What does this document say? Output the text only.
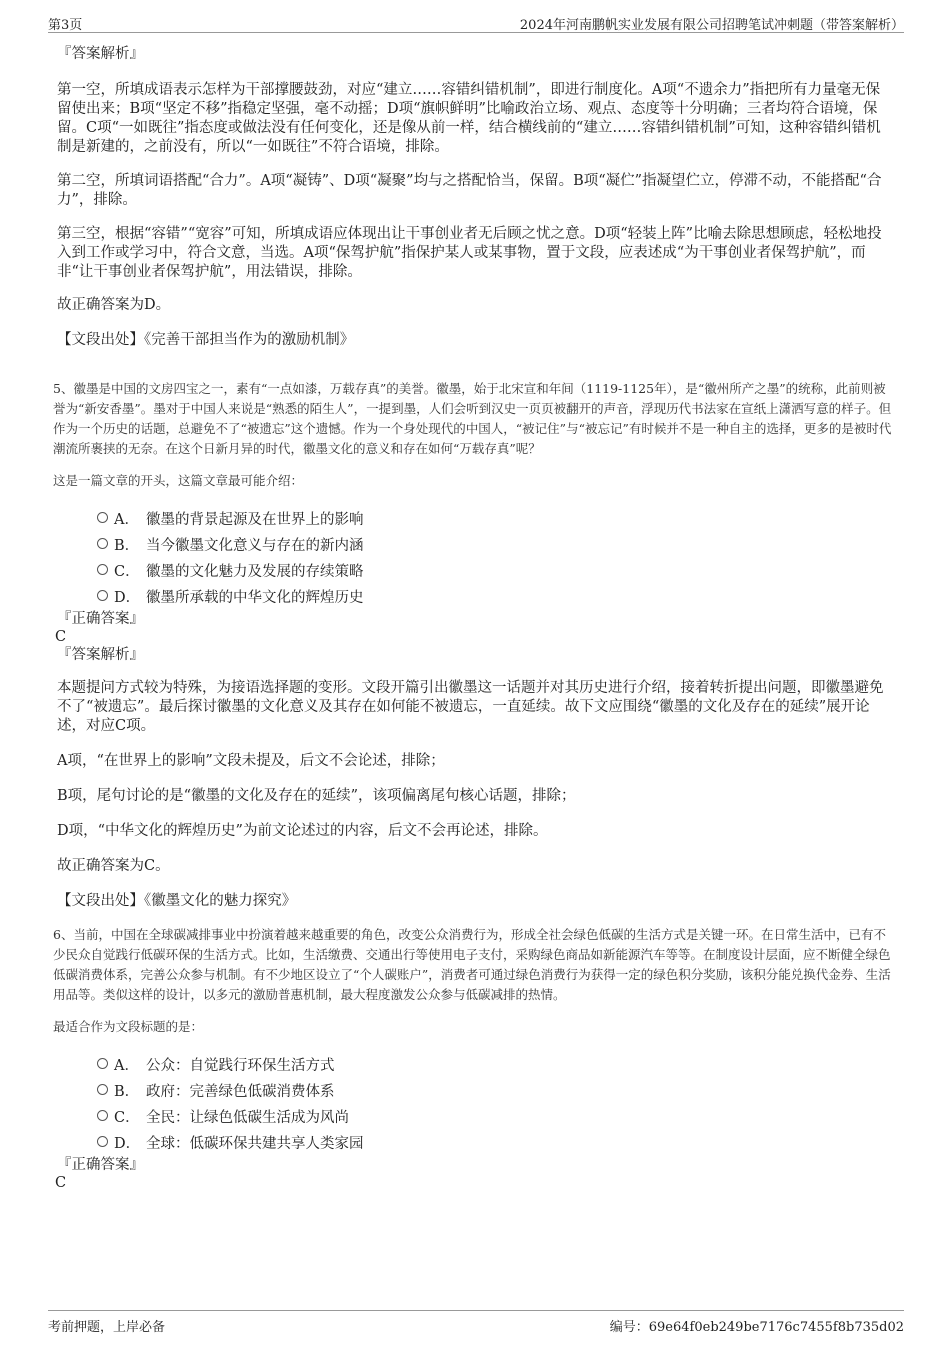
第3页	2024年河南鹏帆实业发展有限公司招聘笔试冲刺题（带答案解析）

『答案解析』

第一空，所填成语表示怎样为干部撑腰鼓劲，对应“建立……容错纠错机制”，即进行制度化。A项“不遗余力”指把所有力量毫无保留使出来；B项“坚定不移”指稳定坚强，毫不动摇；D项“旗帜鲜明”比喻政治立场、观点、态度等十分明确；三者均符合语境，保留。C项“一如既往”指态度或做法没有任何变化，还是像从前一样，结合横线前的“建立……容错纠错机制”可知，这种容错纠错机制是新建的，之前没有，所以“一如既往”不符合语境，排除。

第二空，所填词语搭配“合力”。A项“凝铸”、D项“凝聚”均与之搭配恰当，保留。B项“凝伫”指凝望伫立，停滞不动，不能搭配“合力”，排除。

第三空，根据“容错”“宽容”可知，所填成语应体现出让干事创业者无后顾之忧之意。D项“轻装上阵”比喻去除思想顾虑，轻松地投入到工作或学习中，符合文意，当选。A项“保驾护航”指保护某人或某事物，置于文段，应表述成“为干事创业者保驾护航”，而非“让干事创业者保驾护航”，用法错误，排除。

故正确答案为D。

【文段出处】《完善干部担当作为的激励机制》

5、徽墨是中国的文房四宝之一，素有“一点如漆，万载存真”的美誉。徽墨，始于北宋宣和年间（1119-1125年），是“徽州所产之墨”的统称，此前则被誉为“新安香墨”。墨对于中国人来说是“熟悉的陌生人”，一提到墨，人们会听到汉史一页页被翻开的声音，浮现历代书法家在宣纸上潇洒写意的样子。但作为一个历史的话题，总避免不了“被遗忘”这个遗憾。作为一个身处现代的中国人，“被记住”与“被忘记”有时候并不是一种自主的选择，更多的是被时代潮流所裹挟的无奈。在这个日新月异的时代，徽墨文化的意义和存在如何“万载存真”呢？

这是一篇文章的开头，这篇文章最可能介绍：

A． 徽墨的背景起源及在世界上的影响
B． 当今徽墨文化意义与存在的新内涵
C． 徽墨的文化魅力及发展的存续策略
D． 徽墨所承载的中华文化的辉煌历史

『正确答案』

C

『答案解析』

本题提问方式较为特殊，为接语选择题的变形。文段开篇引出徽墨这一话题并对其历史进行介绍，接着转折提出问题，即徽墨避免不了“被遗忘”。最后探讨徽墨的文化意义及其存在如何能不被遗忘，一直延续。故下文应围绕“徽墨的文化及存在的延续”展开论述，对应C项。

A项，“在世界上的影响”文段未提及，后文不会论述，排除；

B项，尾句讨论的是“徽墨的文化及存在的延续”，该项偏离尾句核心话题，排除；

D项，“中华文化的辉煌历史”为前文论述过的内容，后文不会再论述，排除。

故正确答案为C。

【文段出处】《徽墨文化的魅力探究》

6、当前，中国在全球碳减排事业中扮演着越来越重要的角色，改变公众消费行为，形成全社会绿色低碳的生活方式是关键一环。在日常生活中，已有不少民众自觉践行低碳环保的生活方式。比如，生活缴费、交通出行等使用电子支付，采购绿色商品如新能源汽车等等。在制度设计层面，应不断健全绿色低碳消费体系，完善公众参与机制。有不少地区设立了“个人碳账户”，消费者可通过绿色消费行为获得一定的绿色积分奖励，该积分能兑换代金券、生活用品等。类似这样的设计，以多元的激励普惠机制，最大程度激发公众参与低碳减排的热情。

最适合作为文段标题的是：

A． 公众：自觉践行环保生活方式
B． 政府：完善绿色低碳消费体系
C． 全民：让绿色低碳生活成为风尚
D． 全球：低碳环保共建共享人类家园

『正确答案』

C

考前押题，上岸必备	编号：69e64f0eb249be7176c7455f8b735d02
